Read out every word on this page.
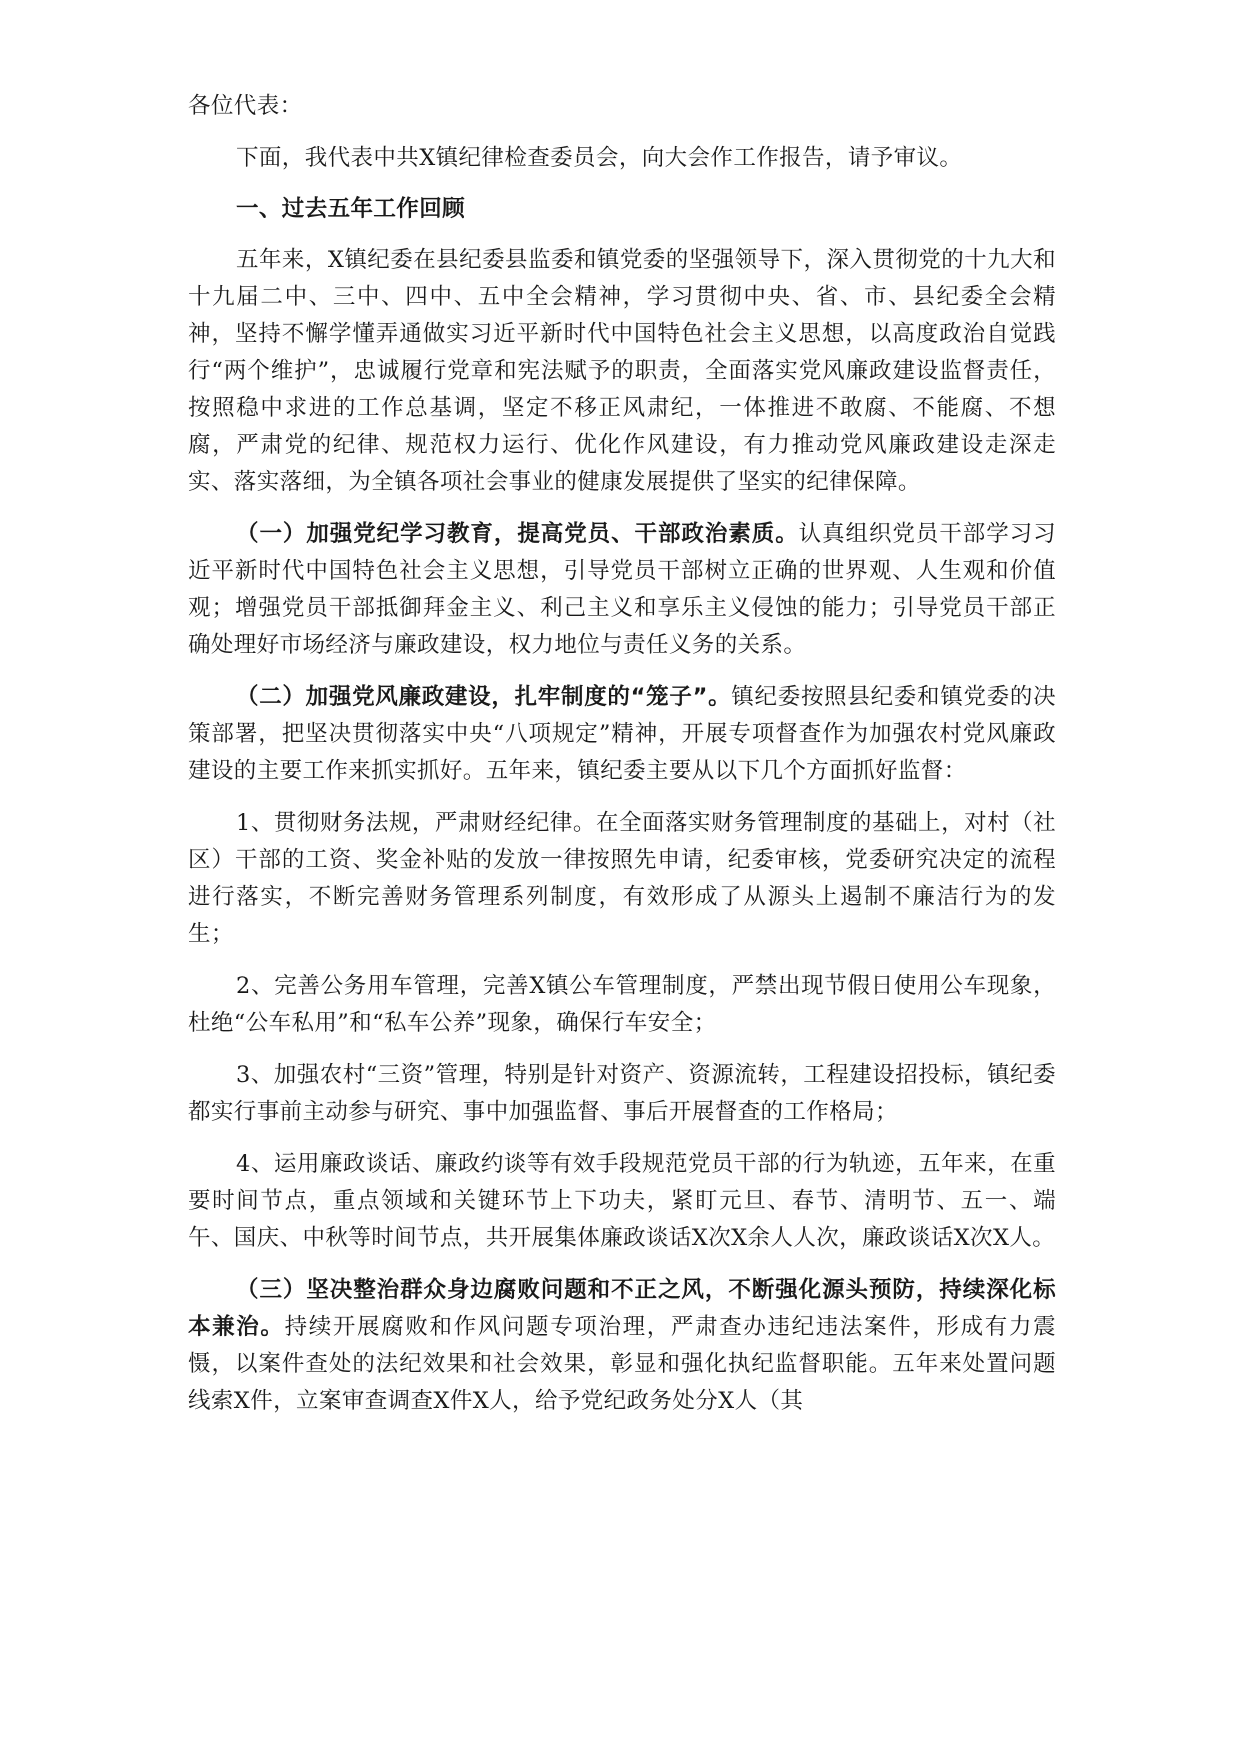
各位代表：

下面，我代表中共X镇纪律检查委员会，向大会作工作报告，请予审议。

一、过去五年工作回顾

五年来，X镇纪委在县纪委县监委和镇党委的坚强领导下，深入贯彻党的十九大和十九届二中、三中、四中、五中全会精神，学习贯彻中央、省、市、县纪委全会精神，坚持不懈学懂弄通做实习近平新时代中国特色社会主义思想，以高度政治自觉践行“两个维护”，忠诚履行党章和宪法赋予的职责，全面落实党风廉政建设监督责任，按照稳中求进的工作总基调，坚定不移正风肃纪，一体推进不敢腐、不能腐、不想腐，严肃党的纪律、规范权力运行、优化作风建设，有力推动党风廉政建设走深走实、落实落细，为全镇各项社会事业的健康发展提供了坚实的纪律保障。

（一）加强党纪学习教育，提高党员、干部政治素质。认真组织党员干部学习习近平新时代中国特色社会主义思想，引导党员干部树立正确的世界观、人生观和价值观；增强党员干部抵御拜金主义、利己主义和享乐主义侵蚀的能力；引导党员干部正确处理好市场经济与廉政建设，权力地位与责任义务的关系。

（二）加强党风廉政建设，扎牢制度的“笼子”。镇纪委按照县纪委和镇党委的决策部署，把坚决贯彻落实中央“八项规定”精神，开展专项督查作为加强农村党风廉政建设的主要工作来抓实抓好。五年来，镇纪委主要从以下几个方面抓好监督：

1、贯彻财务法规，严肃财经纪律。在全面落实财务管理制度的基础上，对村（社区）干部的工资、奖金补贴的发放一律按照先申请，纪委审核，党委研究决定的流程进行落实，不断完善财务管理系列制度，有效形成了从源头上遏制不廉洁行为的发生；

2、完善公务用车管理，完善X镇公车管理制度，严禁出现节假日使用公车现象，杜绝“公车私用”和“私车公养”现象，确保行车安全；

3、加强农村“三资”管理，特别是针对资产、资源流转，工程建设招投标，镇纪委都实行事前主动参与研究、事中加强监督、事后开展督查的工作格局；

4、运用廉政谈话、廉政约谈等有效手段规范党员干部的行为轨迹，五年来，在重要时间节点，重点领域和关键环节上下功夫，紧盯元旦、春节、清明节、五一、端午、国庆、中秋等时间节点，共开展集体廉政谈话X次X余人人次，廉政谈话X次X人。

（三）坚决整治群众身边腐败问题和不正之风，不断强化源头预防，持续深化标本兼治。持续开展腐败和作风问题专项治理，严肃查办违纪违法案件，形成有力震慑，以案件查处的法纪效果和社会效果，彰显和强化执纪监督职能。五年来处置问题线索X件，立案审查调查X件X人，给予党纪政务处分X人（其
